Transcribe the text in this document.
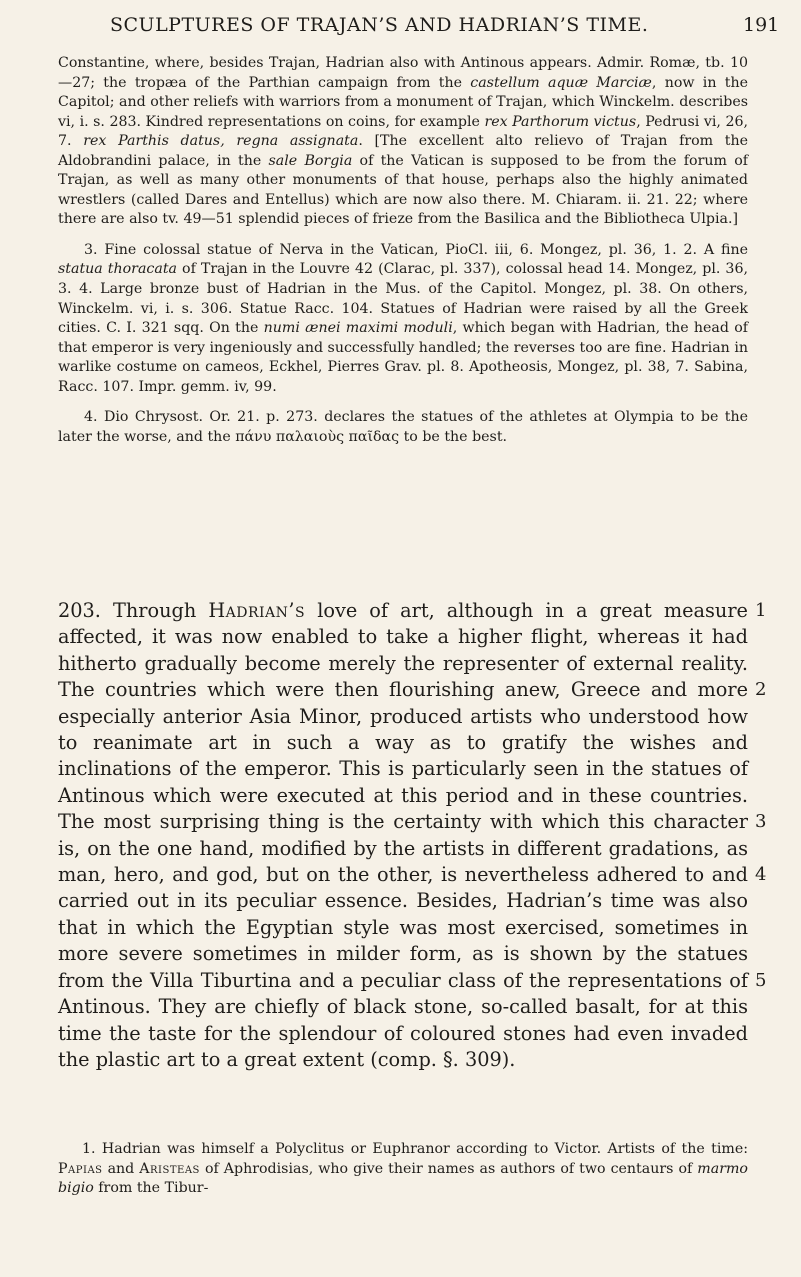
SCULPTURES OF TRAJAN’S AND HADRIAN’S TIME.	191

Constantine, where, besides Trajan, Hadrian also with Antinous appears. Admir. Romæ, tb. 10—27; the tropæa of the Parthian campaign from the castellum aquæ Marciæ, now in the Capitol; and other reliefs with warriors from a monument of Trajan, which Winckelm. describes vi, i. s. 283. Kindred representations on coins, for example rex Parthorum victus, Pedrusi vi, 26, 7. rex Parthis datus, regna assignata. [The excellent alto relievo of Trajan from the Aldobrandini palace, in the sale Borgia of the Vatican is supposed to be from the forum of Trajan, as well as many other monuments of that house, perhaps also the highly animated wrestlers (called Dares and Entellus) which are now also there. M. Chiaram. ii. 21. 22; where there are also tv. 49—51 splendid pieces of frieze from the Basilica and the Bibliotheca Ulpia.]

3. Fine colossal statue of Nerva in the Vatican, PioCl. iii, 6. Mongez, pl. 36, 1. 2. A fine statua thoracata of Trajan in the Louvre 42 (Clarac, pl. 337), colossal head 14. Mongez, pl. 36, 3. 4. Large bronze bust of Hadrian in the Mus. of the Capitol. Mongez, pl. 38. On others, Winckelm. vi, i. s. 306. Statue Racc. 104. Statues of Hadrian were raised by all the Greek cities. C. I. 321 sqq. On the numi ænei maximi moduli, which began with Hadrian, the head of that emperor is very ingeniously and successfully handled; the reverses too are fine. Hadrian in warlike costume on cameos, Eckhel, Pierres Grav. pl. 8. Apotheosis, Mongez, pl. 38, 7. Sabina, Racc. 107. Impr. gemm. iv, 99.

4. Dio Chrysost. Or. 21. p. 273. declares the statues of the athletes at Olympia to be the later the worse, and the πάνυ παλαιοὺς παῖδας to be the best.

203. Through Hadrian’s love of art, although in a great measure affected, it was now enabled to take a higher flight, whereas it had hitherto gradually become merely the representer of external reality. The countries which were then flourishing anew, Greece and more especially anterior Asia Minor, produced artists who understood how to reanimate art in such a way as to gratify the wishes and inclinations of the emperor. This is particularly seen in the statues of Antinous which were executed at this period and in these countries. The most surprising thing is the certainty with which this character is, on the one hand, modified by the artists in different gradations, as man, hero, and god, but on the other, is nevertheless adhered to and carried out in its peculiar essence. Besides, Hadrian’s time was also that in which the Egyptian style was most exercised, sometimes in more severe sometimes in milder form, as is shown by the statues from the Villa Tiburtina and a peculiar class of the representations of Antinous. They are chiefly of black stone, so-called basalt, for at this time the taste for the splendour of coloured stones had even invaded the plastic art to a great extent (comp. §. 309).

1
2
3
4
5

1. Hadrian was himself a Polyclitus or Euphranor according to Victor. Artists of the time: Papias and Aristeas of Aphrodisias, who give their names as authors of two centaurs of marmo bigio from the Tibur-
